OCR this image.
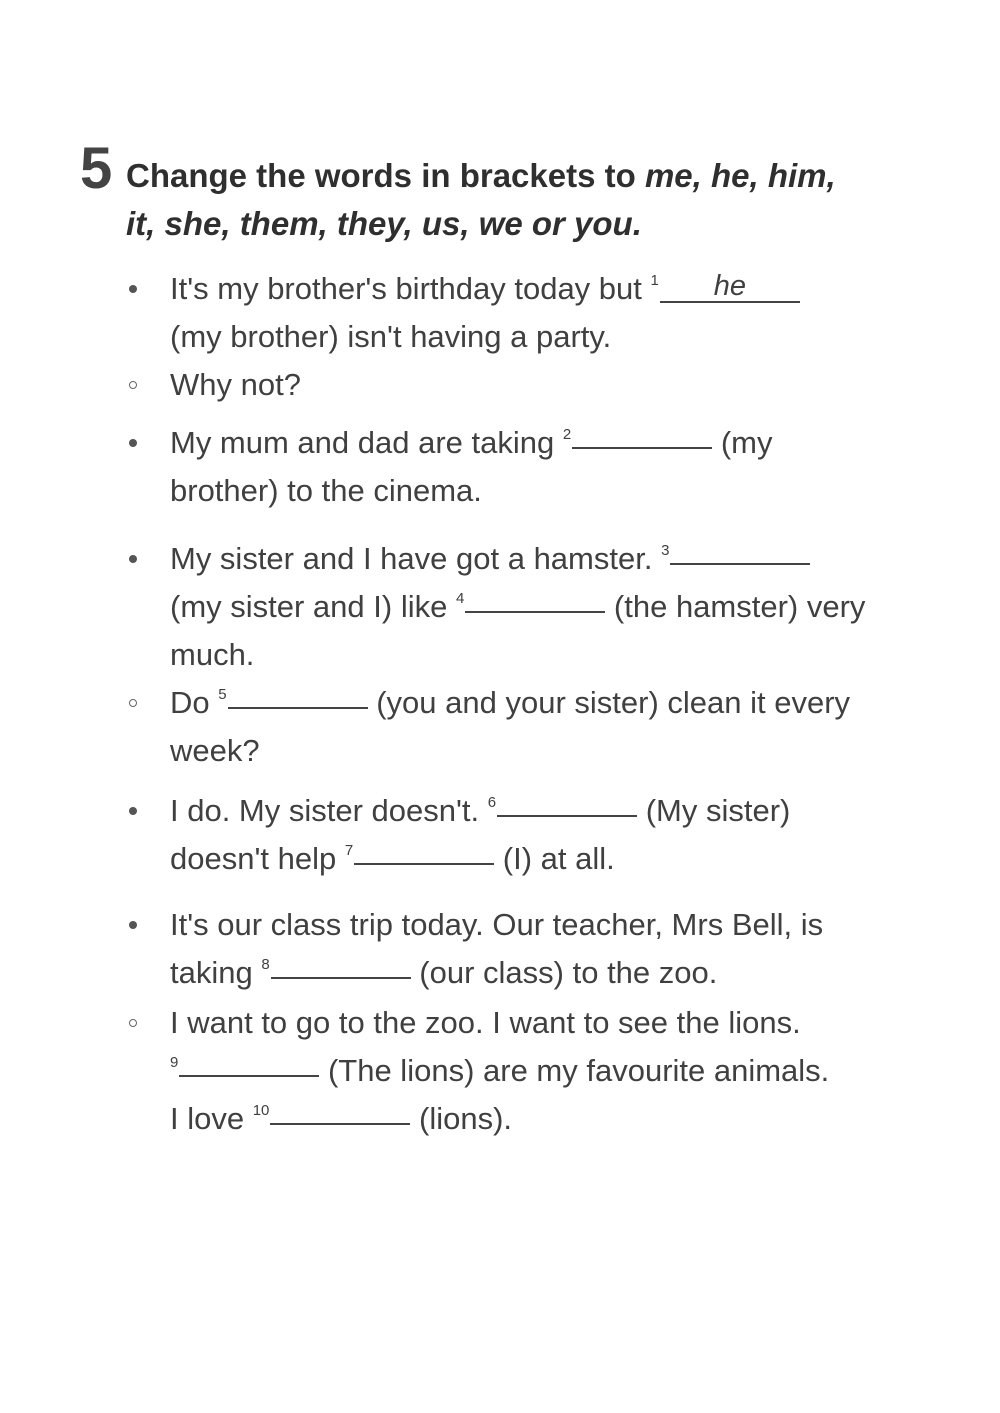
5 Change the words in brackets to me, he, him,
it, she, them, they, us, we or you.
It's my brother's birthday today but $^1$ he
(my brother) isn't having a party.
Why not?
My mum and dad are taking $^2$	(my
brother) to the cinema.
My sister and I have got a hamster. $^3$
(my sister and I) like $^4$	(the hamster) very
much.
Do $^5$	(you and your sister) clean it every
week?
I do. My sister doesn't. $^6$	(My sister)
doesn't help $^7$	(I) at all.
It's our class trip today. Our teacher, Mrs Bell, is
taking $^8$	(our class) to the zoo.
I want to go to the zoo. I want to see the lions.
$^9$	(The lions) are my favourite animals.
I love $^{10}$	(lions).
